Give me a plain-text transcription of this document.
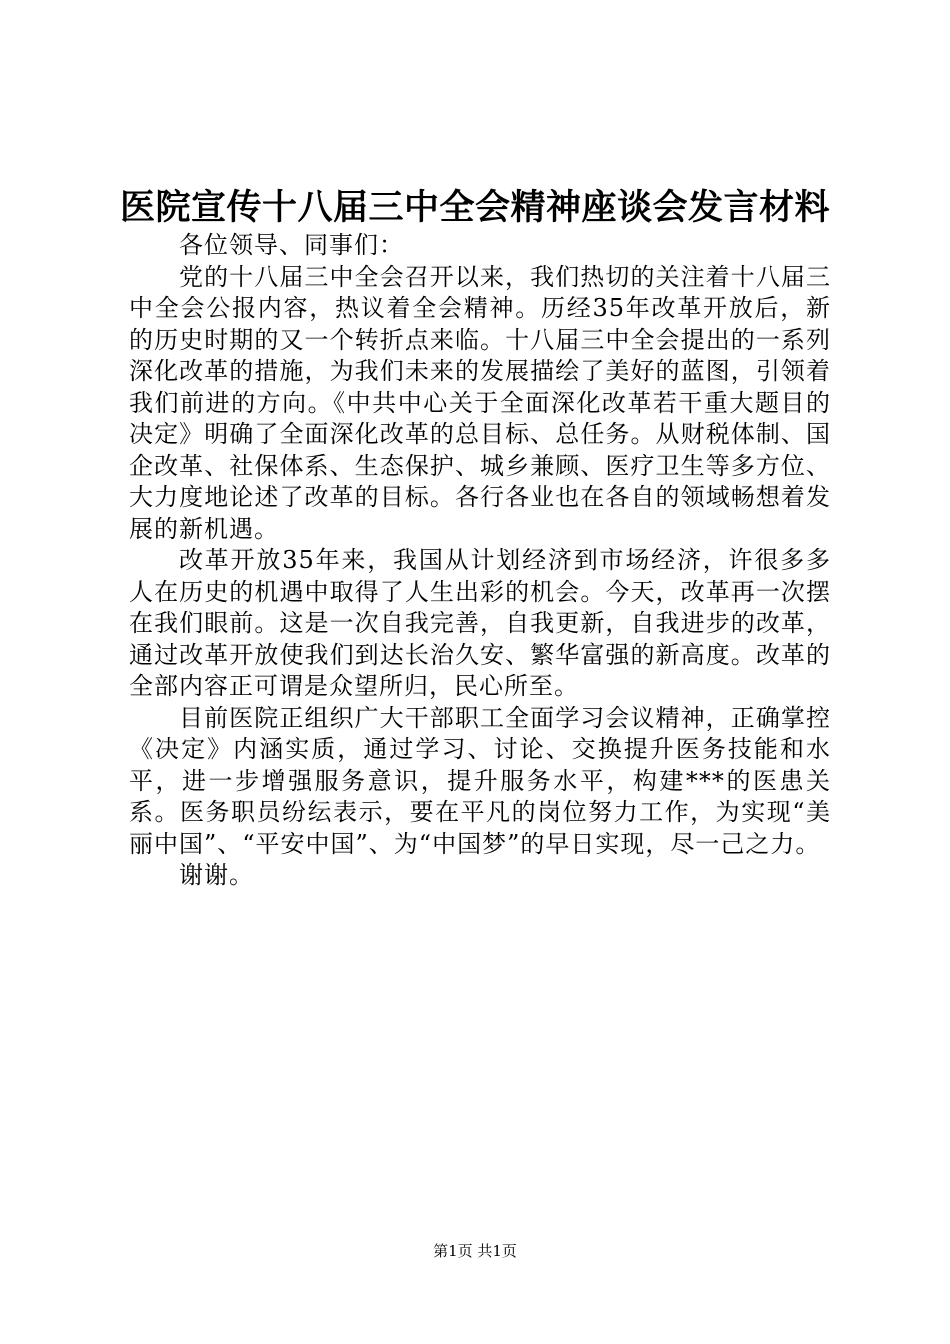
医院宣传十八届三中全会精神座谈会发言材料

各位领导、同事们：

党的十八届三中全会召开以来，我们热切的关注着十八届三中全会公报内容，热议着全会精神。历经35年改革开放后，新的历史时期的又一个转折点来临。十八届三中全会提出的一系列深化改革的措施，为我们未来的发展描绘了美好的蓝图，引领着我们前进的方向。《中共中心关于全面深化改革若干重大题目的决定》明确了全面深化改革的总目标、总任务。从财税体制、国企改革、社保体系、生态保护、城乡兼顾、医疗卫生等多方位、大力度地论述了改革的目标。各行各业也在各自的领域畅想着发展的新机遇。

改革开放35年来，我国从计划经济到市场经济，许很多多人在历史的机遇中取得了人生出彩的机会。今天，改革再一次摆在我们眼前。这是一次自我完善，自我更新，自我进步的改革，通过改革开放使我们到达长治久安、繁华富强的新高度。改革的全部内容正可谓是众望所归，民心所至。

目前医院正组织广大干部职工全面学习会议精神，正确掌控《决定》内涵实质，通过学习、讨论、交换提升医务技能和水平，进一步增强服务意识，提升服务水平，构建***的医患关系。医务职员纷纭表示，要在平凡的岗位努力工作，为实现“美丽中国”、“平安中国”、为“中国梦”的早日实现，尽一己之力。

谢谢。

第1页 共1页
